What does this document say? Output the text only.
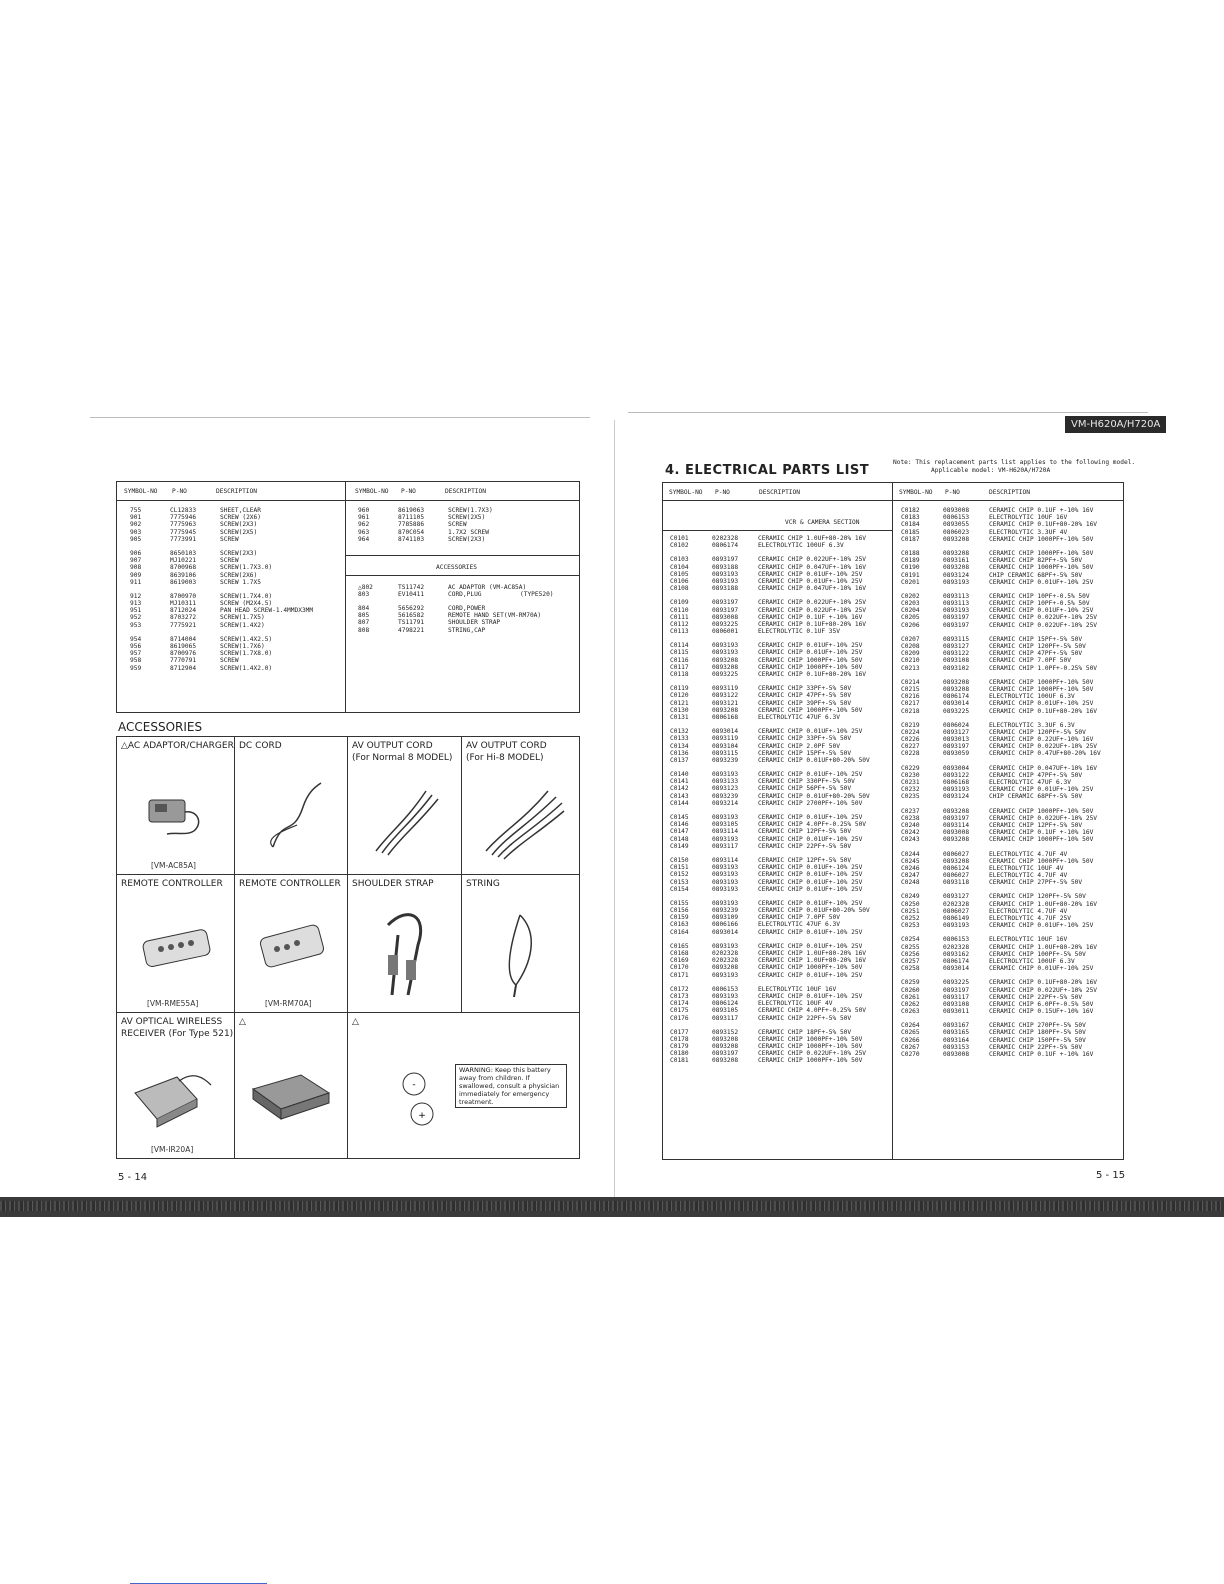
SYMBOL-NO	P-NO	DESCRIPTION	SYMBOL-NO	P-NO	DESCRIPTION
755	CL12833	SHEET,CLEAR
901	7775946	SCREW (2X6)
902	7775963	SCREW(2X3)
903	7775945	SCREW(2X5)
905	7773991	SCREW
906	8650103	SCREW(2X3)
907	MJ10221	SCREW
908	8700968	SCREW(1.7X3.0)
909	8639106	SCREW(2X6)
911	8619003	SCREW 1.7X5
912	8700970	SCREW(1.7X4.0)
913	MJ10311	SCREW (M2X4.5)
951	8712024	PAN HEAD SCREW-1.4MMDX3MM
952	8703272	SCREW(1.7X5)
953	7775921	SCREW(1.4X2)
954	8714004	SCREW(1.4X2.5)
956	8619065	SCREW(1.7X6)
957	8700976	SCREW(1.7X8.0)
958	7770791	SCREW
959	8712904	SCREW(1.4X2.0)
960	8619063	SCREW(1.7X3)
961	8711105	SCREW(2X5)
962	7785886	SCREW
963	870C054	1.7X2 SCREW
964	8741103	SCREW(2X3)
ACCESSORIES
△802	TS11742	AC ADAPTOR (VM-AC85A)
803	EV10411	CORD,PLUG	(TYPE520)
804	5656292	CORD,POWER
805	5616582	REMOTE HAND SET(VM-RM70A)
807	TS11791	SHOULDER STRAP
808	4798221	STRING,CAP
ACCESSORIES
△AC ADAPTOR/CHARGER
[VM-AC85A]
DC CORD	AV OUTPUT CORD
(For Normal 8 MODEL)
AV OUTPUT CORD
(For Hi-8 MODEL)
REMOTE CONTROLLER
[VM-RME55A]
REMOTE CONTROLLER
[VM-RM70A]
SHOULDER STRAP	STRING
AV OPTICAL WIRELESS
RECEIVER (For Type 521)
[VM-IR20A]
△	△
-
+
WARNING: Keep this battery away from children. If swallowed, consult a physician immediately for emergency treatment.
5 - 14
VM-H620A/H720A
4. ELECTRICAL PARTS LIST
Note: This replacement parts list applies to the following model.
Applicable model: VM-H620A/H720A
SYMBOL-NO	P-NO	DESCRIPTION	SYMBOL-NO	P-NO	DESCRIPTION
VCR & CAMERA SECTION
C0101	0202328	CERAMIC CHIP 1.0UF+80-20% 16V
C0102	0806174	ELECTROLYTIC 100UF 6.3V
C0103	0893197	CERAMIC CHIP 0.022UF+-10% 25V
C0104	0893188	CERAMIC CHIP 0.047UF+-10% 16V
C0105	0893193	CERAMIC CHIP 0.01UF+-10% 25V
C0106	0893193	CERAMIC CHIP 0.01UF+-10% 25V
C0108	0893188	CERAMIC CHIP 0.047UF+-10% 16V
C0109	0893197	CERAMIC CHIP 0.022UF+-10% 25V
C0110	0893197	CERAMIC CHIP 0.022UF+-10% 25V
C0111	0893008	CERAMIC CHIP 0.1UF +-10% 16V
C0112	0893225	CERAMIC CHIP 0.1UF+80-20% 16V
C0113	0806001	ELECTROLYTIC 0.1UF 35V
C0114	0893193	CERAMIC CHIP 0.01UF+-10% 25V
C0115	0893193	CERAMIC CHIP 0.01UF+-10% 25V
C0116	0893208	CERAMIC CHIP 1000PF+-10% 50V
C0117	0893208	CERAMIC CHIP 1000PF+-10% 50V
C0118	0893225	CERAMIC CHIP 0.1UF+80-20% 16V
C0119	0893119	CERAMIC CHIP 33PF+-5% 50V
C0120	0893122	CERAMIC CHIP 47PF+-5% 50V
C0121	0893121	CERAMIC CHIP 39PF+-5% 50V
C0130	0893208	CERAMIC CHIP 1000PF+-10% 50V
C0131	0806168	ELECTROLYTIC 47UF 6.3V
C0132	0893014	CERAMIC CHIP 0.01UF+-10% 25V
C0133	0893119	CERAMIC CHIP 33PF+-5% 50V
C0134	0893104	CERAMIC CHIP 2.0PF 50V
C0136	0893115	CERAMIC CHIP 15PF+-5% 50V
C0137	0893239	CERAMIC CHIP 0.01UF+80-20% 50V
C0140	0893193	CERAMIC CHIP 0.01UF+-10% 25V
C0141	0893133	CERAMIC CHIP 330PF+-5% 50V
C0142	0893123	CERAMIC CHIP 56PF+-5% 50V
C0143	0893239	CERAMIC CHIP 0.01UF+80-20% 50V
C0144	0893214	CERAMIC CHIP 2700PF+-10% 50V
C0145	0893193	CERAMIC CHIP 0.01UF+-10% 25V
C0146	0893105	CERAMIC CHIP 4.0PF+-0.25% 50V
C0147	0893114	CERAMIC CHIP 12PF+-5% 50V
C0148	0893193	CERAMIC CHIP 0.01UF+-10% 25V
C0149	0893117	CERAMIC CHIP 22PF+-5% 50V
C0150	0893114	CERAMIC CHIP 12PF+-5% 50V
C0151	0893193	CERAMIC CHIP 0.01UF+-10% 25V
C0152	0893193	CERAMIC CHIP 0.01UF+-10% 25V
C0153	0893193	CERAMIC CHIP 0.01UF+-10% 25V
C0154	0893193	CERAMIC CHIP 0.01UF+-10% 25V
C0155	0893193	CERAMIC CHIP 0.01UF+-10% 25V
C0156	0893239	CERAMIC CHIP 0.01UF+80-20% 50V
C0159	0893109	CERAMIC CHIP 7.0PF 50V
C0163	0806166	ELECTROLYTIC 47UF 6.3V
C0164	0893014	CERAMIC CHIP 0.01UF+-10% 25V
C0165	0893193	CERAMIC CHIP 0.01UF+-10% 25V
C0168	0202328	CERAMIC CHIP 1.0UF+80-20% 16V
C0169	0202328	CERAMIC CHIP 1.0UF+80-20% 16V
C0170	0893208	CERAMIC CHIP 1000PF+-10% 50V
C0171	0893193	CERAMIC CHIP 0.01UF+-10% 25V
C0172	0806153	ELECTROLYTIC 10UF 16V
C0173	0893193	CERAMIC CHIP 0.01UF+-10% 25V
C0174	0806124	ELECTROLYTIC 10UF 4V
C0175	0893105	CERAMIC CHIP 4.0PF+-0.25% 50V
C0176	0893117	CERAMIC CHIP 22PF+-5% 50V
C0177	0893152	CERAMIC CHIP 18PF+-5% 50V
C0178	0893208	CERAMIC CHIP 1000PF+-10% 50V
C0179	0893208	CERAMIC CHIP 1000PF+-10% 50V
C0180	0893197	CERAMIC CHIP 0.022UF+-10% 25V
C0181	0893208	CERAMIC CHIP 1000PF+-10% 50V
C0182	0893008	CERAMIC CHIP 0.1UF +-10% 16V
C0183	0806153	ELECTROLYTIC 10UF 16V
C0184	0893055	CERAMIC CHIP 0.1UF+80-20% 16V
C0185	0806023	ELECTROLYTIC 3.3UF 4V
C0187	0893208	CERAMIC CHIP 1000PF+-10% 50V
C0188	0893208	CERAMIC CHIP 1000PF+-10% 50V
C0189	0893161	CERAMIC CHIP 82PF+-5% 50V
C0190	0893208	CERAMIC CHIP 1000PF+-10% 50V
C0191	0893124	CHIP CERAMIC 68PF+-5% 50V
C0201	0893193	CERAMIC CHIP 0.01UF+-10% 25V
C0202	0893113	CERAMIC CHIP 10PF+-0.5% 50V
C0203	0893113	CERAMIC CHIP 10PF+-0.5% 50V
C0204	0893193	CERAMIC CHIP 0.01UF+-10% 25V
C0205	0893197	CERAMIC CHIP 0.022UF+-10% 25V
C0206	0893197	CERAMIC CHIP 0.022UF+-10% 25V
C0207	0893115	CERAMIC CHIP 15PF+-5% 50V
C0208	0893127	CERAMIC CHIP 120PF+-5% 50V
C0209	0893122	CERAMIC CHIP 47PF+-5% 50V
C0210	0893108	CERAMIC CHIP 7.0PF 50V
C0213	0893102	CERAMIC CHIP 1.0PF+-0.25% 50V
C0214	0893208	CERAMIC CHIP 1000PF+-10% 50V
C0215	0893208	CERAMIC CHIP 1000PF+-10% 50V
C0216	0806174	ELECTROLYTIC 100UF 6.3V
C0217	0893014	CERAMIC CHIP 0.01UF+-10% 25V
C0218	0893225	CERAMIC CHIP 0.1UF+80-20% 16V
C0219	0806024	ELECTROLYTIC 3.3UF 6.3V
C0224	0893127	CERAMIC CHIP 120PF+-5% 50V
C0226	0893013	CERAMIC CHIP 0.22UF+-10% 16V
C0227	0893197	CERAMIC CHIP 0.022UF+-10% 25V
C0228	0893059	CERAMIC CHIP 0.47UF+80-20% 16V
C0229	0893004	CERAMIC CHIP 0.047UF+-10% 16V
C0230	0893122	CERAMIC CHIP 47PF+-5% 50V
C0231	0806168	ELECTROLYTIC 47UF 6.3V
C0232	0893193	CERAMIC CHIP 0.01UF+-10% 25V
C0235	0893124	CHIP CERAMIC 68PF+-5% 50V
C0237	0893208	CERAMIC CHIP 1000PF+-10% 50V
C0238	0893197	CERAMIC CHIP 0.022UF+-10% 25V
C0240	0893114	CERAMIC CHIP 12PF+-5% 50V
C0242	0893008	CERAMIC CHIP 0.1UF +-10% 16V
C0243	0893208	CERAMIC CHIP 1000PF+-10% 50V
C0244	0806027	ELECTROLYTIC 4.7UF 4V
C0245	0893208	CERAMIC CHIP 1000PF+-10% 50V
C0246	0806124	ELECTROLYTIC 10UF 4V
C0247	0806027	ELECTROLYTIC 4.7UF 4V
C0248	0893118	CERAMIC CHIP 27PF+-5% 50V
C0249	0893127	CERAMIC CHIP 120PF+-5% 50V
C0250	0202328	CERAMIC CHIP 1.0UF+80-20% 16V
C0251	0806027	ELECTROLYTIC 4.7UF 4V
C0252	0806149	ELECTROLYTIC 4.7UF 25V
C0253	0893193	CERAMIC CHIP 0.01UF+-10% 25V
C0254	0806153	ELECTROLYTIC 10UF 16V
C0255	0202328	CERAMIC CHIP 1.0UF+80-20% 16V
C0256	0893162	CERAMIC CHIP 100PF+-5% 50V
C0257	0806174	ELECTROLYTIC 100UF 6.3V
C0258	0893014	CERAMIC CHIP 0.01UF+-10% 25V
C0259	0893225	CERAMIC CHIP 0.1UF+80-20% 16V
C0260	0893197	CERAMIC CHIP 0.022UF+-10% 25V
C0261	0893117	CERAMIC CHIP 22PF+-5% 50V
C0262	0893108	CERAMIC CHIP 6.0PF+-0.5% 50V
C0263	0893011	CERAMIC CHIP 0.15UF+-10% 16V
C0264	0893167	CERAMIC CHIP 270PF+-5% 50V
C0265	0893165	CERAMIC CHIP 180PF+-5% 50V
C0266	0893164	CERAMIC CHIP 150PF+-5% 50V
C0267	0893153	CERAMIC CHIP 22PF+-5% 50V
C0270	0893008	CERAMIC CHIP 0.1UF +-10% 16V
5 - 15
